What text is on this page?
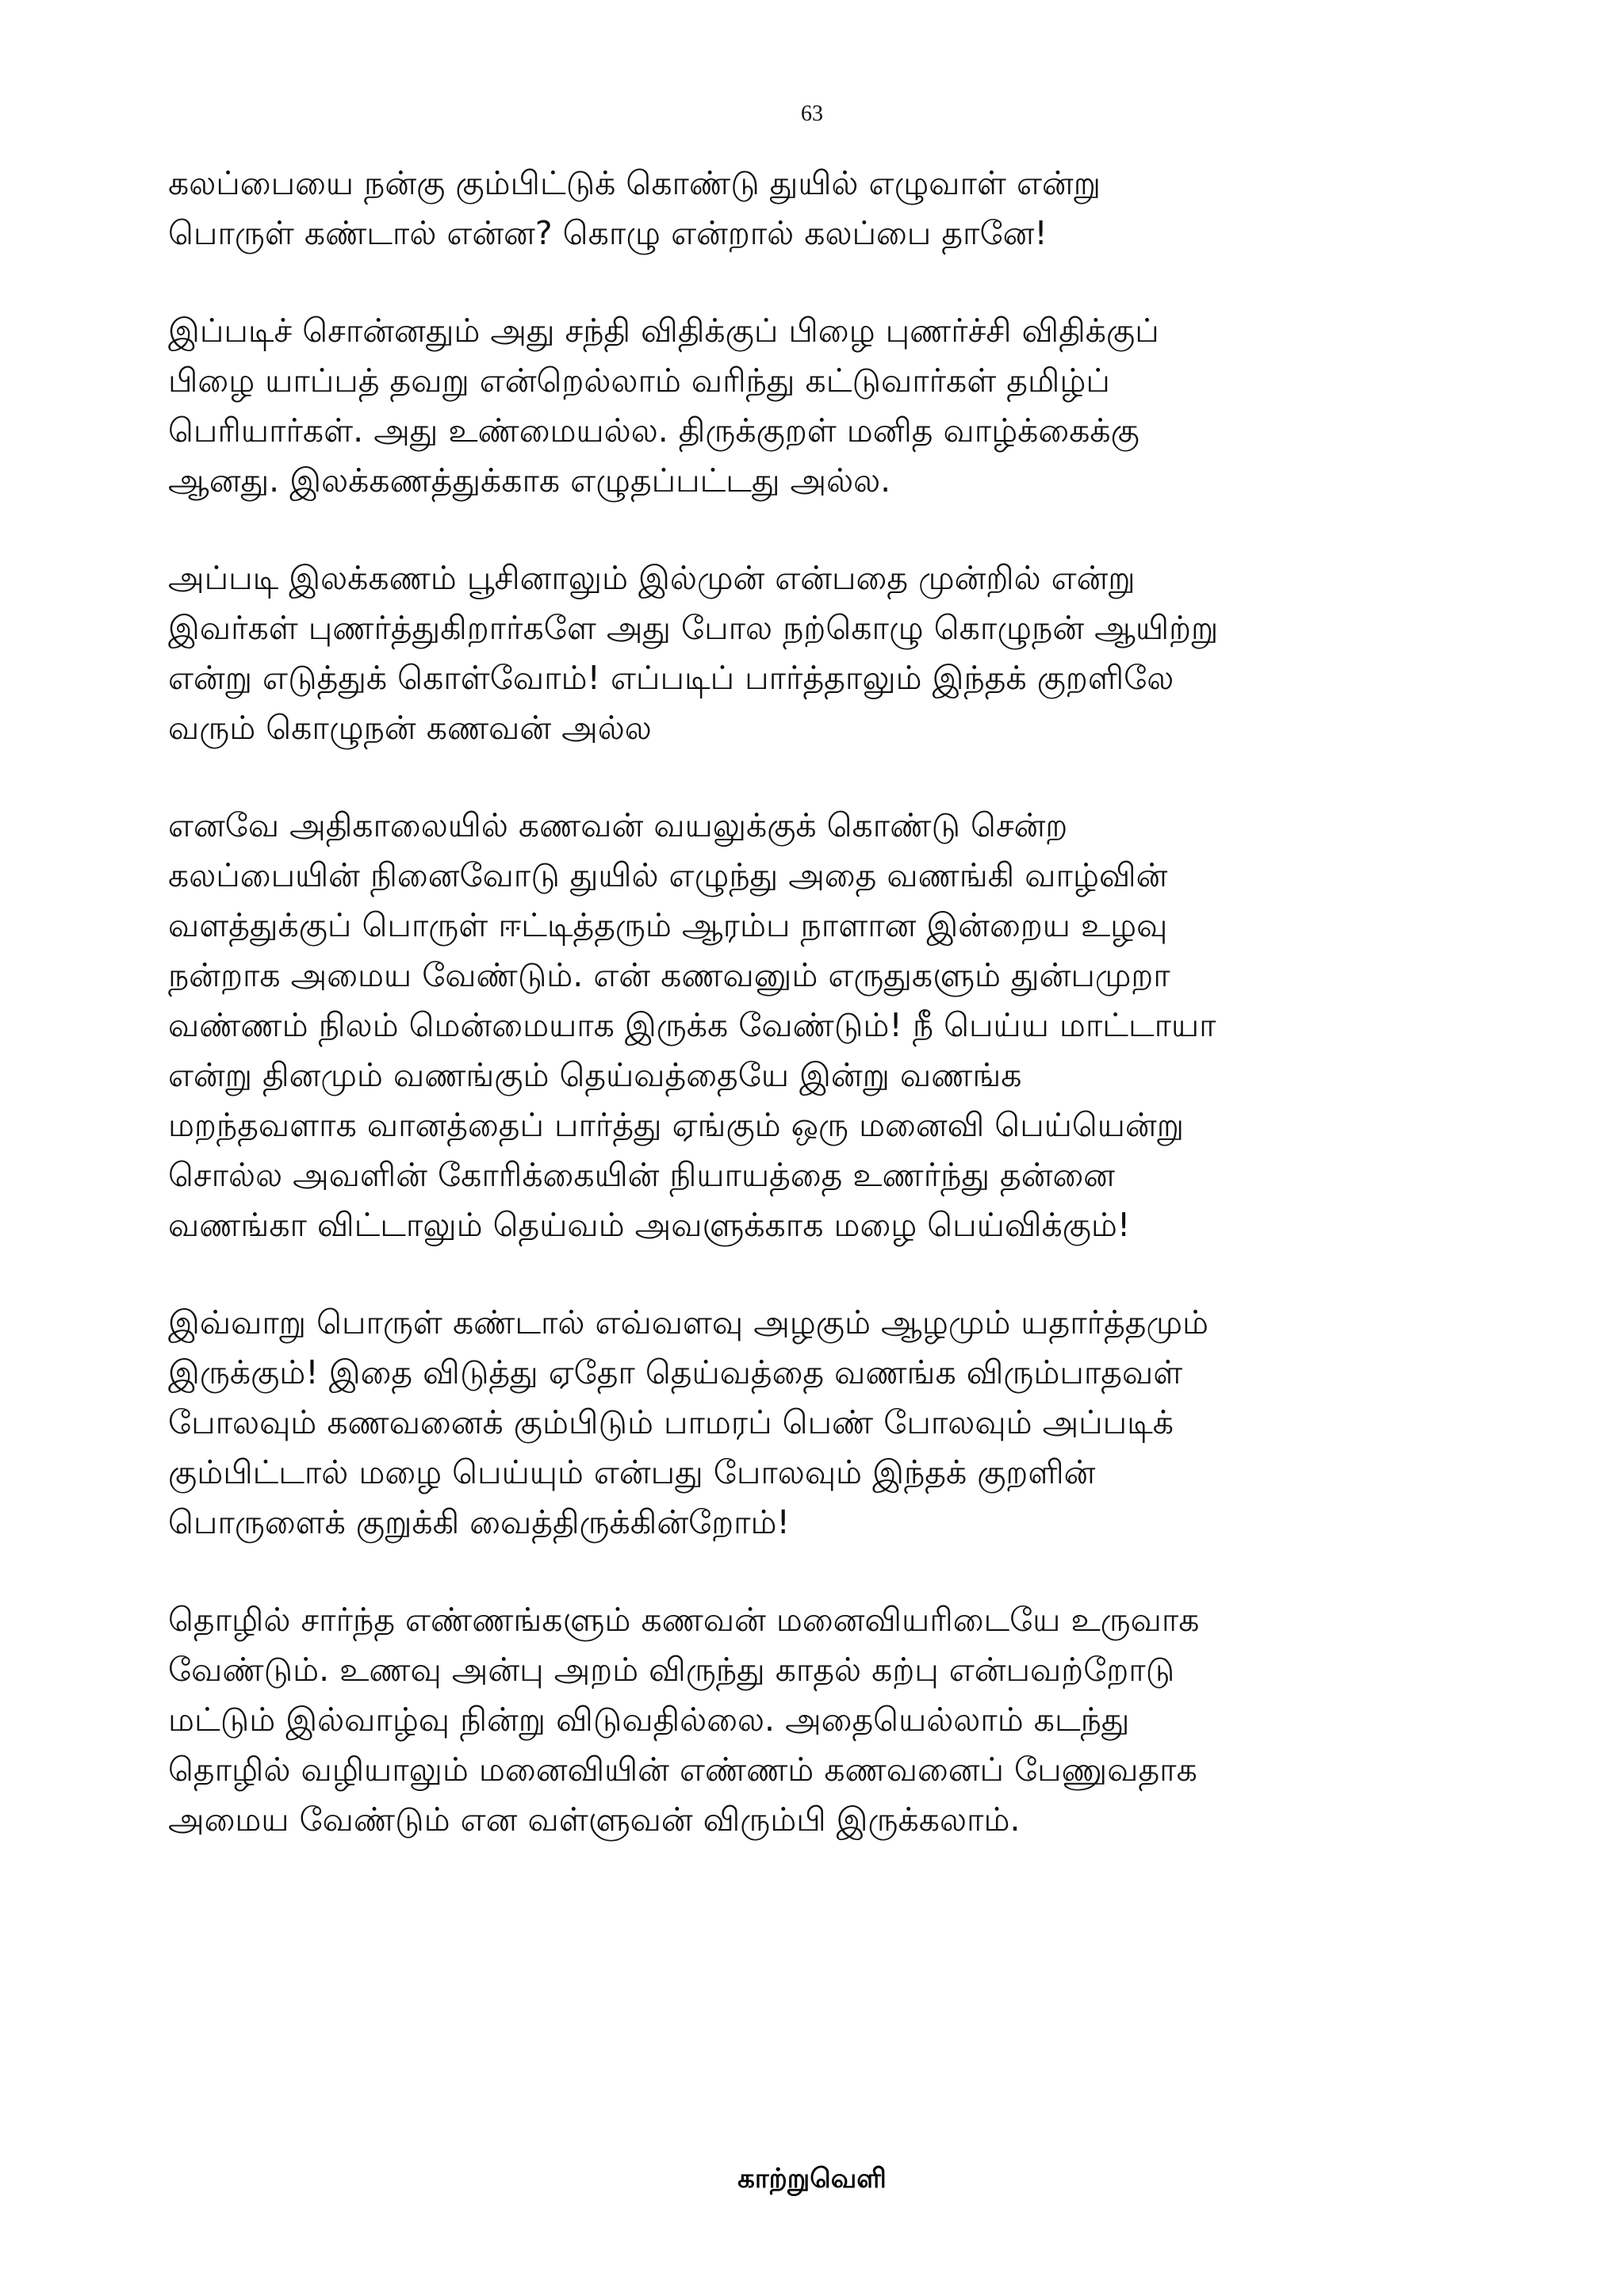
63
கலப்பையை நன்கு கும்பிட்டுக் கொண்டு துயில் எழுவாள் என்று
பொருள் கண்டால் என்ன? கொழு என்றால் கலப்பை தானே!
இப்படிச் சொன்னதும் அது சந்தி விதிக்குப் பிழை புணர்ச்சி விதிக்குப்
பிழை யாப்பத் தவறு என்றெல்லாம் வரிந்து கட்டுவார்கள் தமிழ்ப்
பெரியார்கள். அது உண்மையல்ல. திருக்குறள் மனித வாழ்க்கைக்கு
ஆனது. இலக்கணத்துக்காக எழுதப்பட்டது அல்ல.
அப்படி இலக்கணம் பூசினாலும் இல்முன் என்பதை முன்றில் என்று
இவர்கள் புணர்த்துகிறார்களே அது போல நற்கொழு கொழுநன் ஆயிற்று
என்று எடுத்துக் கொள்வோம்! எப்படிப் பார்த்தாலும் இந்தக் குறளிலே
வரும் கொழுநன் கணவன் அல்ல
எனவே அதிகாலையில் கணவன் வயலுக்குக் கொண்டு சென்ற
கலப்பையின் நினைவோடு துயில் எழுந்து அதை வணங்கி வாழ்வின்
வளத்துக்குப் பொருள் ஈட்டித்தரும் ஆரம்ப நாளான இன்றைய உழவு
நன்றாக அமைய வேண்டும். என் கணவனும் எருதுகளும் துன்பமுறா
வண்ணம் நிலம் மென்மையாக இருக்க வேண்டும்! நீ பெய்ய மாட்டாயா
என்று தினமும் வணங்கும் தெய்வத்தையே இன்று வணங்க
மறந்தவளாக வானத்தைப் பார்த்து ஏங்கும் ஒரு மனைவி பெய்யென்று
சொல்ல அவளின் கோரிக்கையின் நியாயத்தை உணர்ந்து தன்னை
வணங்கா விட்டாலும் தெய்வம் அவளுக்காக மழை பெய்விக்கும்!
இவ்வாறு பொருள் கண்டால் எவ்வளவு அழகும் ஆழமும் யதார்த்தமும்
இருக்கும்! இதை விடுத்து ஏதோ தெய்வத்தை வணங்க விரும்பாதவள்
போலவும் கணவனைக் கும்பிடும் பாமரப் பெண் போலவும் அப்படிக்
கும்பிட்டால் மழை பெய்யும் என்பது போலவும் இந்தக் குறளின்
பொருளைக் குறுக்கி வைத்திருக்கின்றோம்!
தொழில் சார்ந்த எண்ணங்களும் கணவன் மனைவியரிடையே உருவாக
வேண்டும். உணவு அன்பு அறம் விருந்து காதல் கற்பு என்பவற்றோடு
மட்டும் இல்வாழ்வு நின்று விடுவதில்லை. அதையெல்லாம் கடந்து
தொழில் வழியாலும் மனைவியின் எண்ணம் கணவனைப் பேணுவதாக
அமைய வேண்டும் என வள்ளுவன் விரும்பி இருக்கலாம்.
காற்றுவெளி
